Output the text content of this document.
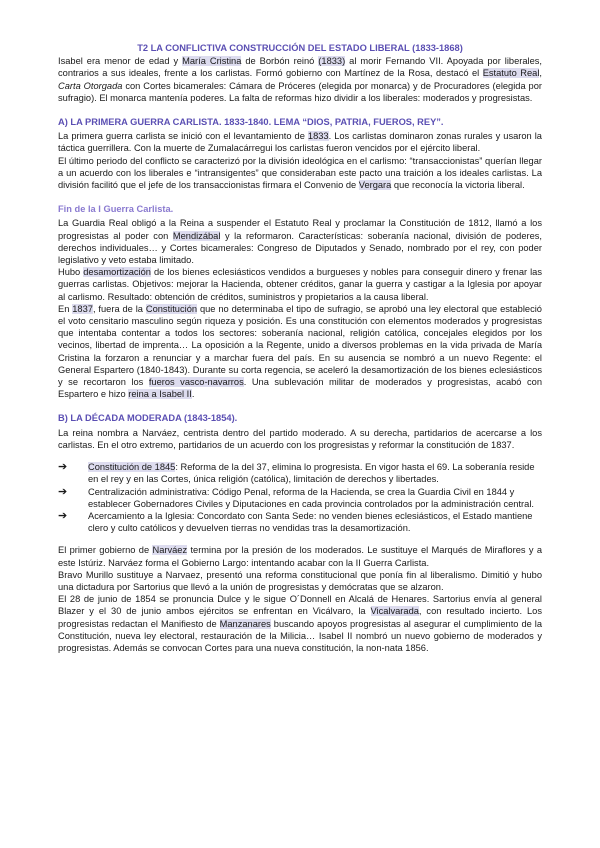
T2 LA CONFLICTIVA CONSTRUCCIÓN DEL ESTADO LIBERAL (1833-1868)

Isabel era menor de edad y María Cristina de Borbón reinó (1833) al morir Fernando VII. Apoyada por liberales, contrarios a sus ideales, frente a los carlistas. Formó gobierno con Martínez de la Rosa, destacó el Estatuto Real, Carta Otorgada con Cortes bicamerales: Cámara de Próceres (elegida por monarca) y de Procuradores (elegida por sufragio). El monarca mantenía poderes. La falta de reformas hizo dividir a los liberales: moderados y progresistas.

A) LA PRIMERA GUERRA CARLISTA. 1833-1840. LEMA “DIOS, PATRIA, FUEROS, REY”.

La primera guerra carlista se inició con el levantamiento de 1833. Los carlistas dominaron zonas rurales y usaron la táctica guerrillera. Con la muerte de Zumalacárregui los carlistas fueron vencidos por el ejército liberal.

El último periodo del conflicto se caracterizó por la división ideológica en el carlismo: “transaccionistas” querían llegar a un acuerdo con los liberales e “intransigentes” que consideraban este pacto una traición a los ideales carlistas. La división facilitó que el jefe de los transaccionistas firmara el Convenio de Vergara que reconocía la victoria liberal.

Fin de la I Guerra Carlista.

La Guardia Real obligó a la Reina a suspender el Estatuto Real y proclamar la Constitución de 1812, llamó a los progresistas al poder con Mendizábal y la reformaron. Características: soberanía nacional, división de poderes, derechos individuales… y Cortes bicamerales: Congreso de Diputados y Senado, nombrado por el rey, con poder legislativo y veto estaba limitado.

Hubo desamortización de los bienes eclesiásticos vendidos a burgueses y nobles para conseguir dinero y frenar las guerras carlistas. Objetivos: mejorar la Hacienda, obtener créditos, ganar la guerra y castigar a la Iglesia por apoyar al carlismo. Resultado: obtención de créditos, suministros y propietarios a la causa liberal.

En 1837, fuera de la Constitución que no determinaba el tipo de sufragio, se aprobó una ley electoral que estableció el voto censitario masculino según riqueza y posición. Es una constitución con elementos moderados y progresistas que intentaba contentar a todos los sectores: soberanía nacional, religión católica, concejales elegidos por los vecinos, libertad de imprenta… La oposición a la Regente, unido a diversos problemas en la vida privada de María Cristina la forzaron a renunciar y a marchar fuera del país. En su ausencia se nombró a un nuevo Regente: el General Espartero (1840-1843). Durante su corta regencia, se aceleró la desamortización de los bienes eclesiásticos y se recortaron los fueros vasco-navarros. Una sublevación militar de moderados y progresistas, acabó con Espartero e hizo reina a Isabel II.

B) LA DÉCADA MODERADA (1843-1854).

La reina nombra a Narváez, centrista dentro del partido moderado. A su derecha, partidarios de acercarse a los carlistas. En el otro extremo, partidarios de un acuerdo con los progresistas y reformar la constitución de 1837.

➔	Constitución de 1845: Reforma de la del 37, elimina lo progresista. En vigor hasta el 69. La soberanía reside en el rey y en las Cortes, única religión (católica), limitación de derechos y libertades.
➔	Centralización administrativa: Código Penal, reforma de la Hacienda, se crea la Guardia Civil en 1844 y establecer Gobernadores Civiles y Diputaciones en cada provincia controlados por la administración central.
➔	Acercamiento a la Iglesia: Concordato con Santa Sede: no venden bienes eclesiásticos, el Estado mantiene clero y culto católicos y devuelven tierras no vendidas tras la desamortización.

El primer gobierno de Narváez termina por la presión de los moderados. Le sustituye el Marqués de Miraflores y a este Istúriz. Narváez forma el Gobierno Largo: intentando acabar con la II Guerra Carlista.

Bravo Murillo sustituye a Narvaez, presentó una reforma constitucional que ponía fin al liberalismo. Dimitió y hubo una dictadura por Sartorius que llevó a la unión de progresistas y demócratas que se alzaron.

El 28 de junio de 1854 se pronuncia Dulce y le sigue O´Donnell en Alcalá de Henares. Sartorius envía al general Blazer y el 30 de junio ambos ejércitos se enfrentan en Vicálvaro, la Vicalvarada, con resultado incierto. Los progresistas redactan el Manifiesto de Manzanares buscando apoyos progresistas al asegurar el cumplimiento de la Constitución, nueva ley electoral, restauración de la Milicia… Isabel II nombró un nuevo gobierno de moderados y progresistas. Además se convocan Cortes para una nueva constitución, la non-nata 1856.
